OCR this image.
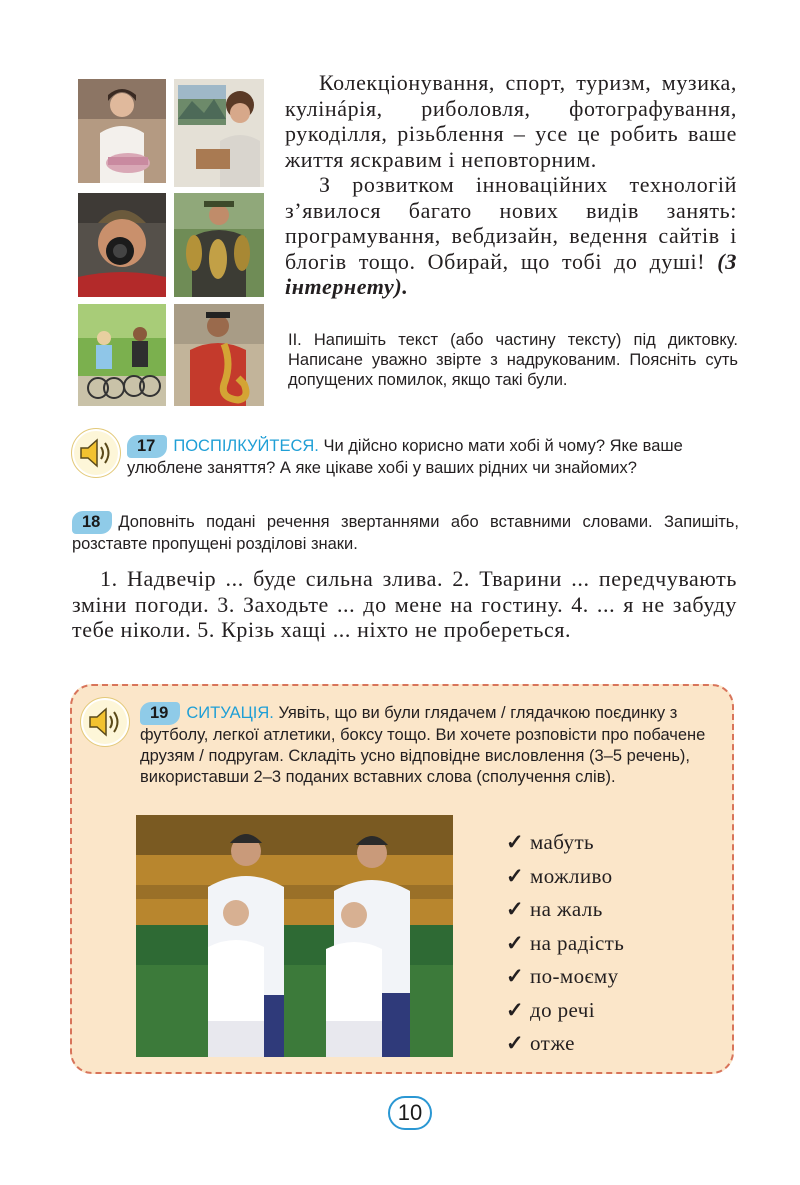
Колекціонування, спорт, туризм, музика, кулінáрія, риболовля, фотографування, рукоділля, різьблення – усе це робить ваше життя яскравим і неповторним.

З розвитком інноваційних технологій з’явилося багато нових видів занять: програмування, вебдизайн, ведення сайтів і блогів тощо. Обирай, що тобі до душі! (З інтернету).

II. Напишіть текст (або частину тексту) під диктовку. Написане уважно звірте з надрукованим. Поясніть суть допущених помилок, якщо такі були.
17 ПОСПІЛКУЙТЕСЯ. Чи дійсно корисно мати хобі й чому? Яке ваше улюблене заняття? А яке цікаве хобі у ваших рідних чи знайомих?
18 Доповніть подані речення звертаннями або вставними словами. Запишіть, розставте пропущені розділові знаки.

1. Надвечір ... буде сильна злива. 2. Тварини ... передчувають зміни погоди. 3. Заходьте ... до мене на гостину. 4. ... я не забуду тебе ніколи. 5. Крізь хащі ... ніхто не пробереться.

19 СИТУАЦІЯ. Уявіть, що ви були глядачем / глядачкою поєдинку з футболу, легкої атлетики, боксу тощо. Ви хочете розповісти про побачене друзям / подругам. Складіть усно відповідне висловлення (3–5 речень), використавши 2–3 поданих вставних слова (сполучення слів).
✓ мабуть
✓ можливо
✓ на жаль
✓ на радість
✓ по-моєму
✓ до речі
✓ отже
10
